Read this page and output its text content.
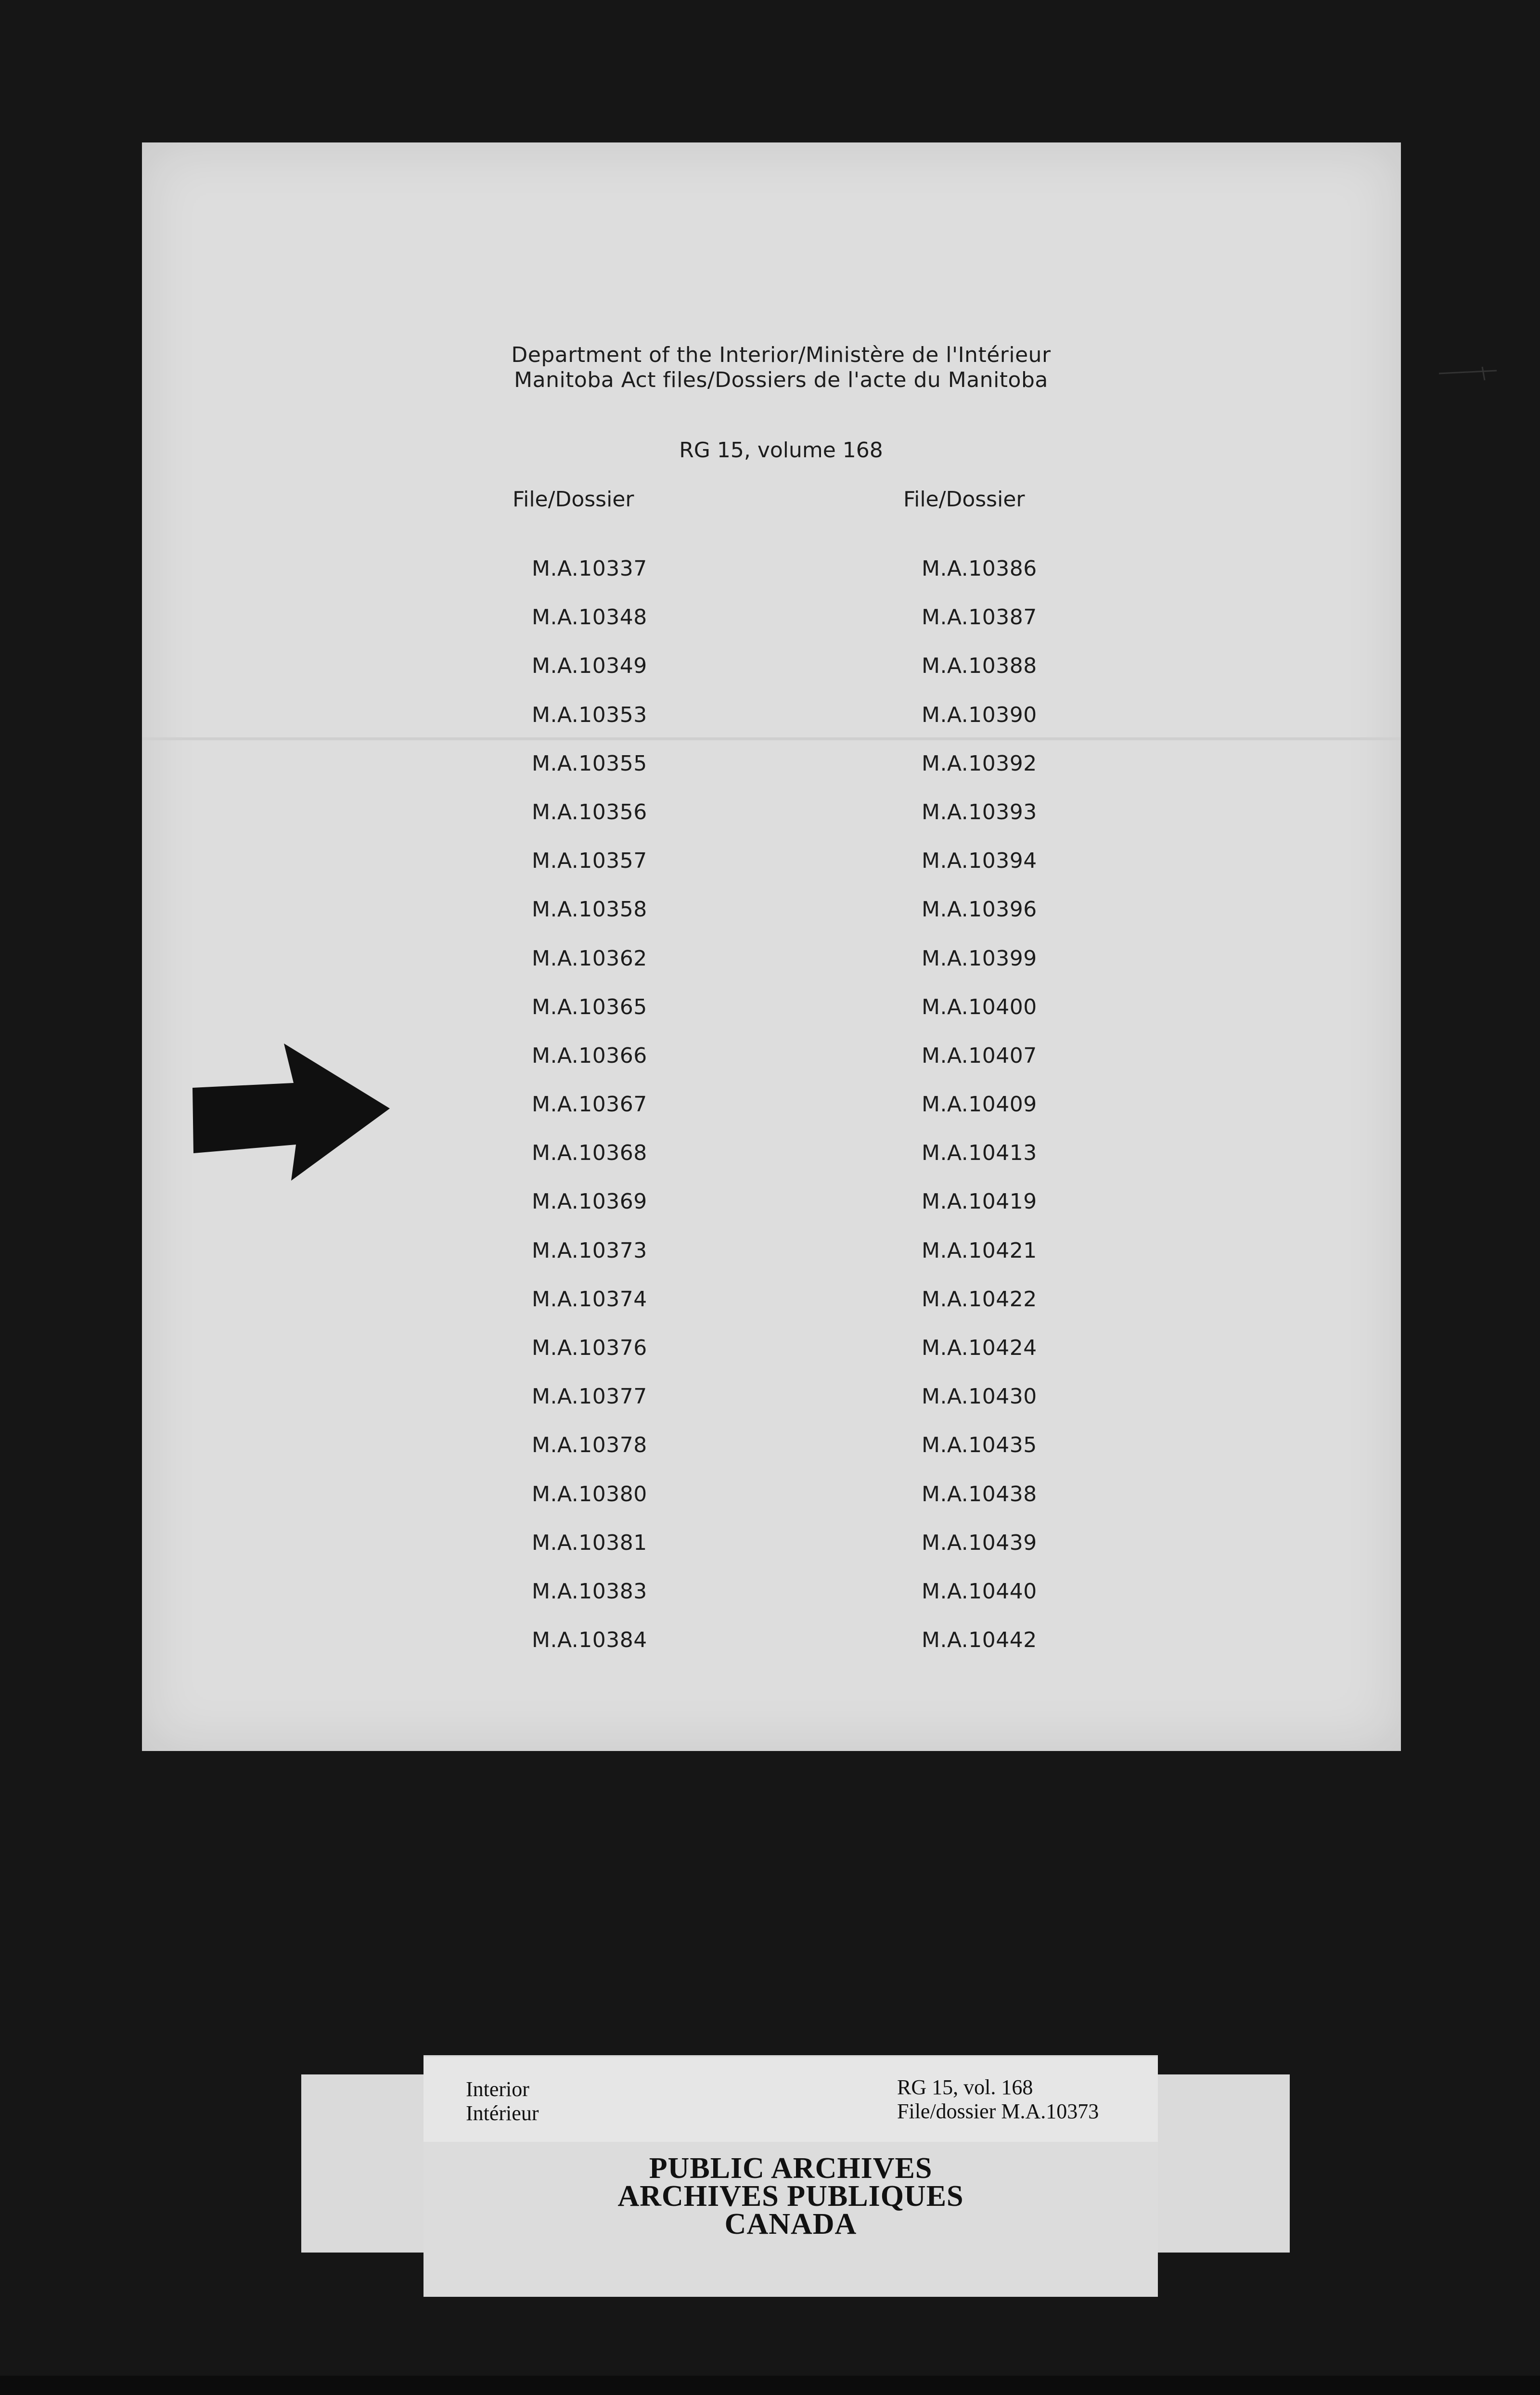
Department of the Interior/Ministère de l'Intérieur
Manitoba Act files/Dossiers de l'acte du Manitoba
RG 15, volume 168
File/Dossier	File/Dossier
M.A.10337
M.A.10348
M.A.10349
M.A.10353
M.A.10355
M.A.10356
M.A.10357
M.A.10358
M.A.10362
M.A.10365
M.A.10366
M.A.10367
M.A.10368
M.A.10369
M.A.10373
M.A.10374
M.A.10376
M.A.10377
M.A.10378
M.A.10380
M.A.10381
M.A.10383
M.A.10384
M.A.10386
M.A.10387
M.A.10388
M.A.10390
M.A.10392
M.A.10393
M.A.10394
M.A.10396
M.A.10399
M.A.10400
M.A.10407
M.A.10409
M.A.10413
M.A.10419
M.A.10421
M.A.10422
M.A.10424
M.A.10430
M.A.10435
M.A.10438
M.A.10439
M.A.10440
M.A.10442
Interior
Intérieur
RG 15, vol. 168
File/dossier M.A.10373
PUBLIC ARCHIVES
ARCHIVES PUBLIQUES
CANADA
